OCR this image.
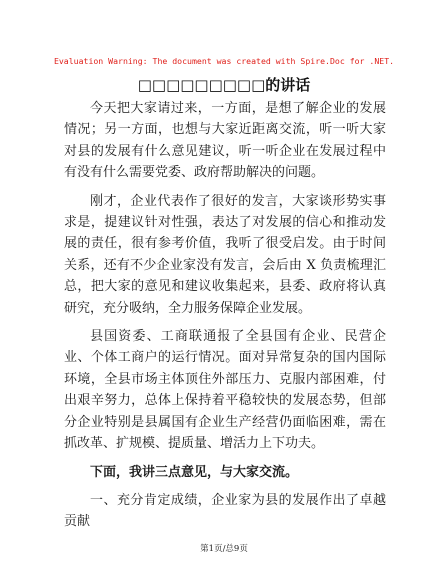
Evaluation Warning: The document was created with Spire.Doc for .NET.
□□□□□□□□□的讲话

今天把大家请过来，一方面，是想了解企业的发展情况；另一方面，也想与大家近距离交流，听一听大家对县的发展有什么意见建议，听一听企业在发展过程中有没有什么需要党委、政府帮助解决的问题。

刚才，企业代表作了很好的发言，大家谈形势实事求是，提建议针对性强，表达了对发展的信心和推动发展的责任，很有参考价值，我听了很受启发。由于时间关系，还有不少企业家没有发言，会后由 X 负责梳理汇总，把大家的意见和建议收集起来，县委、政府将认真研究，充分吸纳，全力服务保障企业发展。

县国资委、工商联通报了全县国有企业、民营企业、个体工商户的运行情况。面对异常复杂的国内国际环境，全县市场主体顶住外部压力、克服内部困难，付出艰辛努力，总体上保持着平稳较快的发展态势，但部分企业特别是县属国有企业生产经营仍面临困难，需在抓改革、扩规模、提质量、增活力上下功夫。

下面，我讲三点意见，与大家交流。

一、充分肯定成绩，企业家为县的发展作出了卓越贡献

第1页/总9页
